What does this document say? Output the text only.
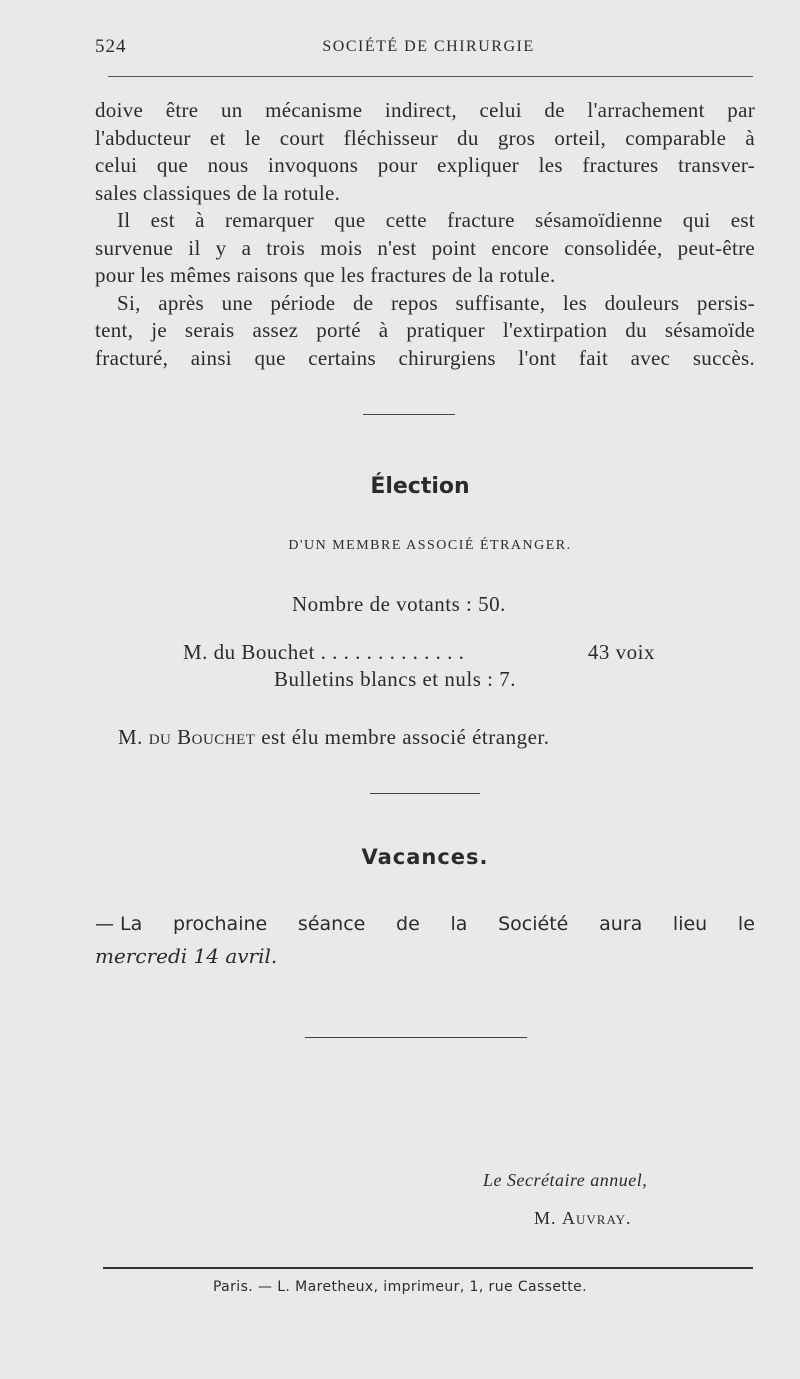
524	SOCIÉTÉ DE CHIRURGIE

doive être un mécanisme indirect, celui de l'arrachement par

l'abducteur et le court fléchisseur du gros orteil, comparable à

celui que nous invoquons pour expliquer les fractures transver-

sales classiques de la rotule.

Il est à remarquer que cette fracture sésamoïdienne qui est

survenue il y a trois mois n'est point encore consolidée, peut-être

pour les mêmes raisons que les fractures de la rotule.

Si, après une période de repos suffisante, les douleurs persis-

tent, je serais assez porté à pratiquer l'extirpation du sésamoïde

fracturé, ainsi que certains chirurgiens l'ont fait avec succès.

Élection
D'UN MEMBRE ASSOCIÉ ÉTRANGER.
Nombre de votants : 50.
M. du Bouchet . . . . . . . . . . . . .	43 voix
Bulletins blancs et nuls : 7.
M. du Bouchet est élu membre associé étranger.
Vacances.
— La prochaine séance de la Société aura lieu le
mercredi 14 avril.
Le Secrétaire annuel,
M. Auvray.
Paris. — L. Maretheux, imprimeur, 1, rue Cassette.
